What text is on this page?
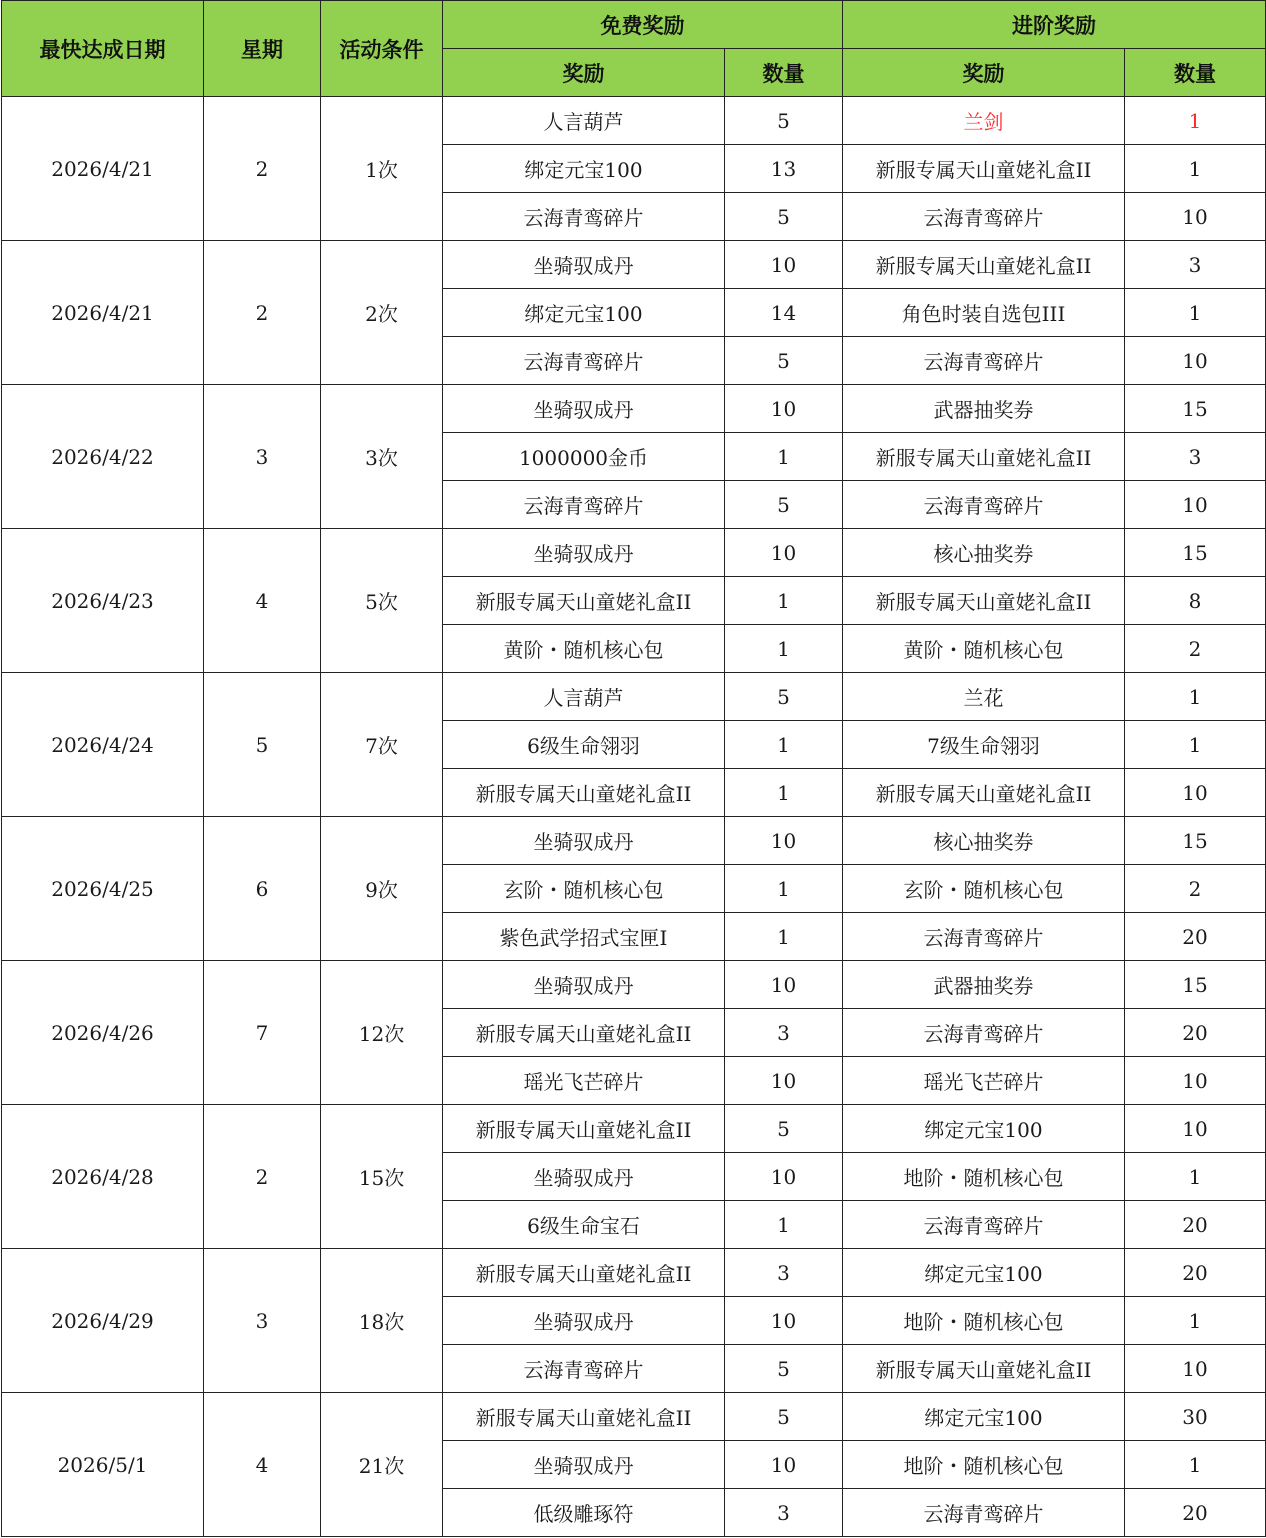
最快达成日期	星期	活动条件	免费奖励		进阶奖励	
			奖励	数量	奖励	数量
2026/4/21	2	1次	人言葫芦	5	兰剑	1
			绑定元宝100	13	新服专属天山童姥礼盒II	1
			云海青鸾碎片	5	云海青鸾碎片	10
2026/4/21	2	2次	坐骑驭成丹	10	新服专属天山童姥礼盒II	3
			绑定元宝100	14	角色时装自选包III	1
			云海青鸾碎片	5	云海青鸾碎片	10
2026/4/22	3	3次	坐骑驭成丹	10	武器抽奖券	15
			1000000金币	1	新服专属天山童姥礼盒II	3
			云海青鸾碎片	5	云海青鸾碎片	10
2026/4/23	4	5次	坐骑驭成丹	10	核心抽奖券	15
			新服专属天山童姥礼盒II	1	新服专属天山童姥礼盒II	8
			黄阶・随机核心包	1	黄阶・随机核心包	2
2026/4/24	5	7次	人言葫芦	5	兰花	1
			6级生命翎羽	1	7级生命翎羽	1
			新服专属天山童姥礼盒II	1	新服专属天山童姥礼盒II	10
2026/4/25	6	9次	坐骑驭成丹	10	核心抽奖券	15
			玄阶・随机核心包	1	玄阶・随机核心包	2
			紫色武学招式宝匣I	1	云海青鸾碎片	20
2026/4/26	7	12次	坐骑驭成丹	10	武器抽奖券	15
			新服专属天山童姥礼盒II	3	云海青鸾碎片	20
			瑶光飞芒碎片	10	瑶光飞芒碎片	10
2026/4/28	2	15次	新服专属天山童姥礼盒II	5	绑定元宝100	10
			坐骑驭成丹	10	地阶・随机核心包	1
			6级生命宝石	1	云海青鸾碎片	20
2026/4/29	3	18次	新服专属天山童姥礼盒II	3	绑定元宝100	20
			坐骑驭成丹	10	地阶・随机核心包	1
			云海青鸾碎片	5	新服专属天山童姥礼盒II	10
2026/5/1	4	21次	新服专属天山童姥礼盒II	5	绑定元宝100	30
			坐骑驭成丹	10	地阶・随机核心包	1
			低级雕琢符	3	云海青鸾碎片	20
